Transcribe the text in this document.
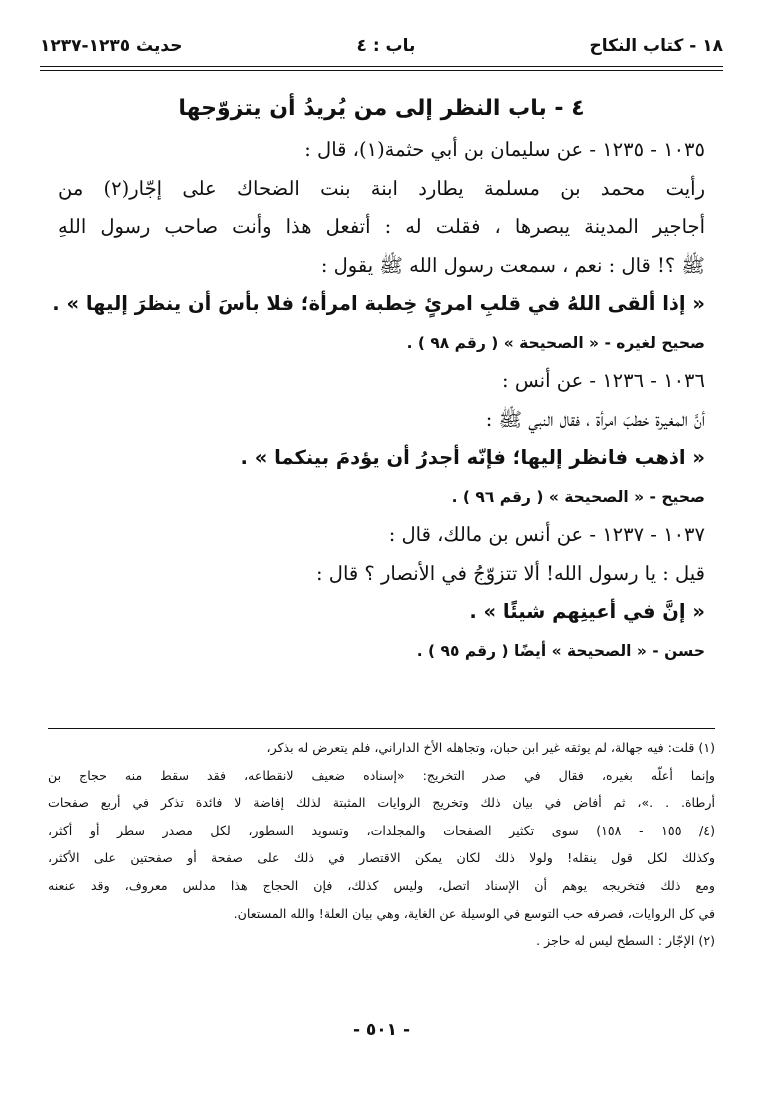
حديث ١٢٣٥-١٢٣٧	باب : ٤	١٨ - كتاب النكاح
٤ - باب النظر إلى من يُريدُ أن يتزوّجها
١٠٣٥ - ١٢٣٥ - عن سليمان بن أبي حثمة(١)، قال :
رأيت محمد بن مسلمة يطارد ابنة بنت الضحاك على إجّار(٢) من
أجاجير المدينة يبصرها ، فقلت له : أتفعل هذا وأنت صاحب رسول اللهِ
ﷺ ؟! قال : نعم ، سمعت رسول الله ﷺ يقول :
« إذا ألقى اللهُ في قلبِ امرئٍ خِطبة امرأة؛ فلا بأسَ أن ينظرَ إليها » .
صحيح لغيره - « الصحيحة » ( رقم ٩٨ ) .
١٠٣٦ - ١٢٣٦ - عن أنس :
أنَّ المغيرة خطبَ امرأة ، فقال النبي ﷺ :
« اذهب فانظر إليها؛ فإنّه أجدرُ أن يؤدمَ بينكما » .
صحيح - « الصحيحة » ( رقم ٩٦ ) .
١٠٣٧ - ١٢٣٧ - عن أنس بن مالك، قال :
قيل : يا رسول الله! ألا تتزوّجُ في الأنصار ؟ قال :
« إنَّ في أعينِهم شيئًا » .
حسن - « الصحيحة » أيضًا ( رقم ٩٥ ) .
(١) قلت: فيه جهالة، لم يوثقه غير ابن حبان، وتجاهله الأخ الداراني، فلم يتعرض له بذكر،
وإنما أعلّه بغيره، فقال في صدر التخريج: «إسناده ضعيف لانقطاعه، فقد سقط منه حجاج بن
أرطاة. . .»، ثم أفاض في بيان ذلك وتخريج الروايات المثبتة لذلك إفاضة لا فائدة تذكر في أربع صفحات
(٤/ ١٥٥ - ١٥٨) سوى تكثير الصفحات والمجلدات، وتسويد السطور، لكل مصدر سطر أو أكثر،
وكذلك لكل قول ينقله! ولولا ذلك لكان يمكن الاقتصار في ذلك على صفحة أو صفحتين على الأكثر،
ومع ذلك فتخريجه يوهم أن الإسناد اتصل، وليس كذلك، فإن الحجاج هذا مدلس معروف، وقد عنعنه
في كل الروايات، فصرفه حب التوسع في الوسيلة عن الغاية، وهي بيان العلة! والله المستعان.
(٢) الإجّار : السطح ليس له حاجز .
- ٥٠١ -
